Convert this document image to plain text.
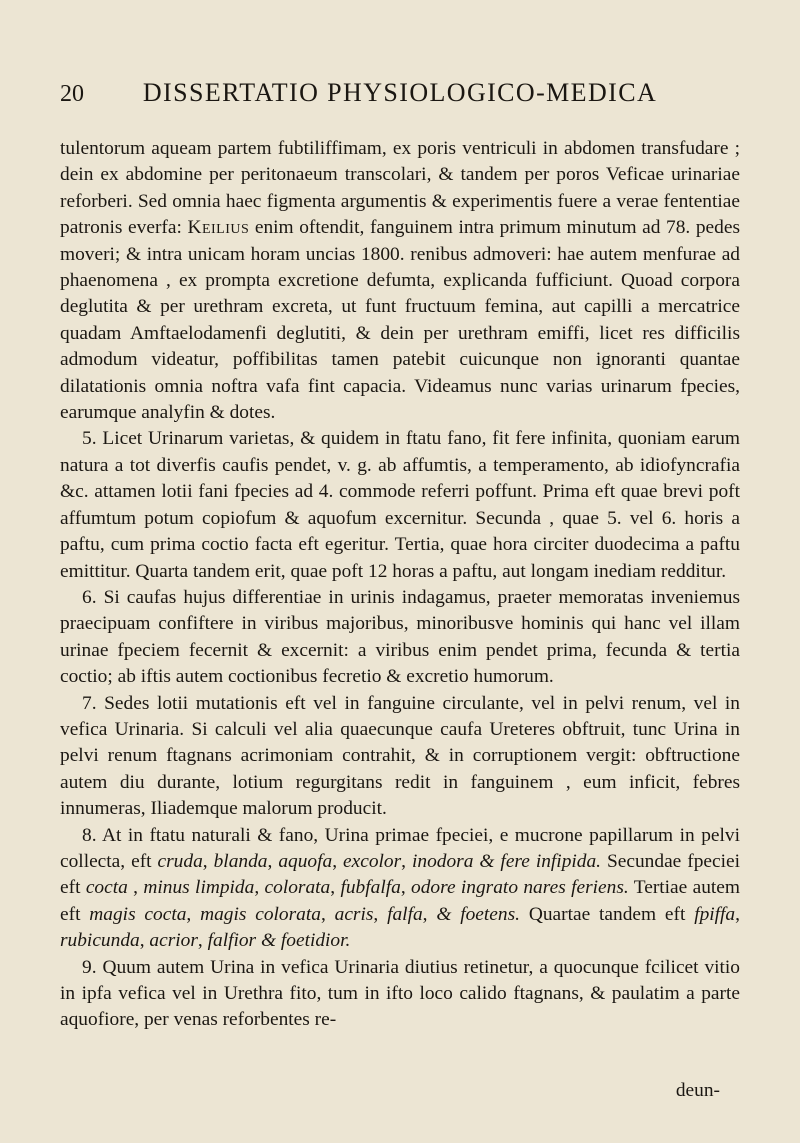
20	DISSERTATIO PHYSIOLOGICO-MEDICA

tulentorum aqueam partem fubtiliffimam, ex poris ventriculi in abdomen transfudare ; dein ex abdomine per peritonaeum transcolari, & tandem per poros Veficae urinariae reforberi. Sed omnia haec figmenta argumentis & experimentis fuere a verae fententiae patronis everfa: Keilius enim oftendit, fanguinem intra primum minutum ad 78. pedes moveri; & intra unicam horam uncias 1800. renibus admoveri: hae autem menfurae ad phaenomena , ex prompta excretione defumta, explicanda fufficiunt. Quoad corpora deglutita & per urethram excreta, ut funt fructuum femina, aut capilli a mercatrice quadam Amftaelodamenfi deglutiti, & dein per urethram emiffi, licet res difficilis admodum videatur, poffibilitas tamen patebit cuicunque non ignoranti quantae dilatationis omnia noftra vafa fint capacia. Videamus nunc varias urinarum fpecies, earumque analyfin & dotes.

5. Licet Urinarum varietas, & quidem in ftatu fano, fit fere infinita, quoniam earum natura a tot diverfis caufis pendet, v. g. ab affumtis, a temperamento, ab idiofyncrafia &c. attamen lotii fani fpecies ad 4. commode referri poffunt. Prima eft quae brevi poft affumtum potum copiofum & aquofum excernitur. Secunda , quae 5. vel 6. horis a paftu, cum prima coctio facta eft egeritur. Tertia, quae hora circiter duodecima a paftu emittitur. Quarta tandem erit, quae poft 12 horas a paftu, aut longam inediam redditur.

6. Si caufas hujus differentiae in urinis indagamus, praeter memoratas inveniemus praecipuam confiftere in viribus majoribus, minoribusve hominis qui hanc vel illam urinae fpeciem fecernit & excernit: a viribus enim pendet prima, fecunda & tertia coctio; ab iftis autem coctionibus fecretio & excretio humorum.

7. Sedes lotii mutationis eft vel in fanguine circulante, vel in pelvi renum, vel in vefica Urinaria. Si calculi vel alia quaecunque caufa Ureteres obftruit, tunc Urina in pelvi renum ftagnans acrimoniam contrahit, & in corruptionem vergit: obftructione autem diu durante, lotium regurgitans redit in fanguinem , eum inficit, febres innumeras, Iliademque malorum producit.

8. At in ftatu naturali & fano, Urina primae fpeciei, e mucrone papillarum in pelvi collecta, eft cruda, blanda, aquofa, excolor, inodora & fere infipida. Secundae fpeciei eft cocta , minus limpida, colorata, fubfalfa, odore ingrato nares feriens. Tertiae autem eft magis cocta, magis colorata, acris, falfa, & foetens. Quartae tandem eft fpiffa, rubicunda, acrior, falfior & foetidior.

9. Quum autem Urina in vefica Urinaria diutius retinetur, a quocunque fcilicet vitio in ipfa vefica vel in Urethra fito, tum in ifto loco calido ftagnans, & paulatim a parte aquofiore, per venas reforbentes re-

deun-
